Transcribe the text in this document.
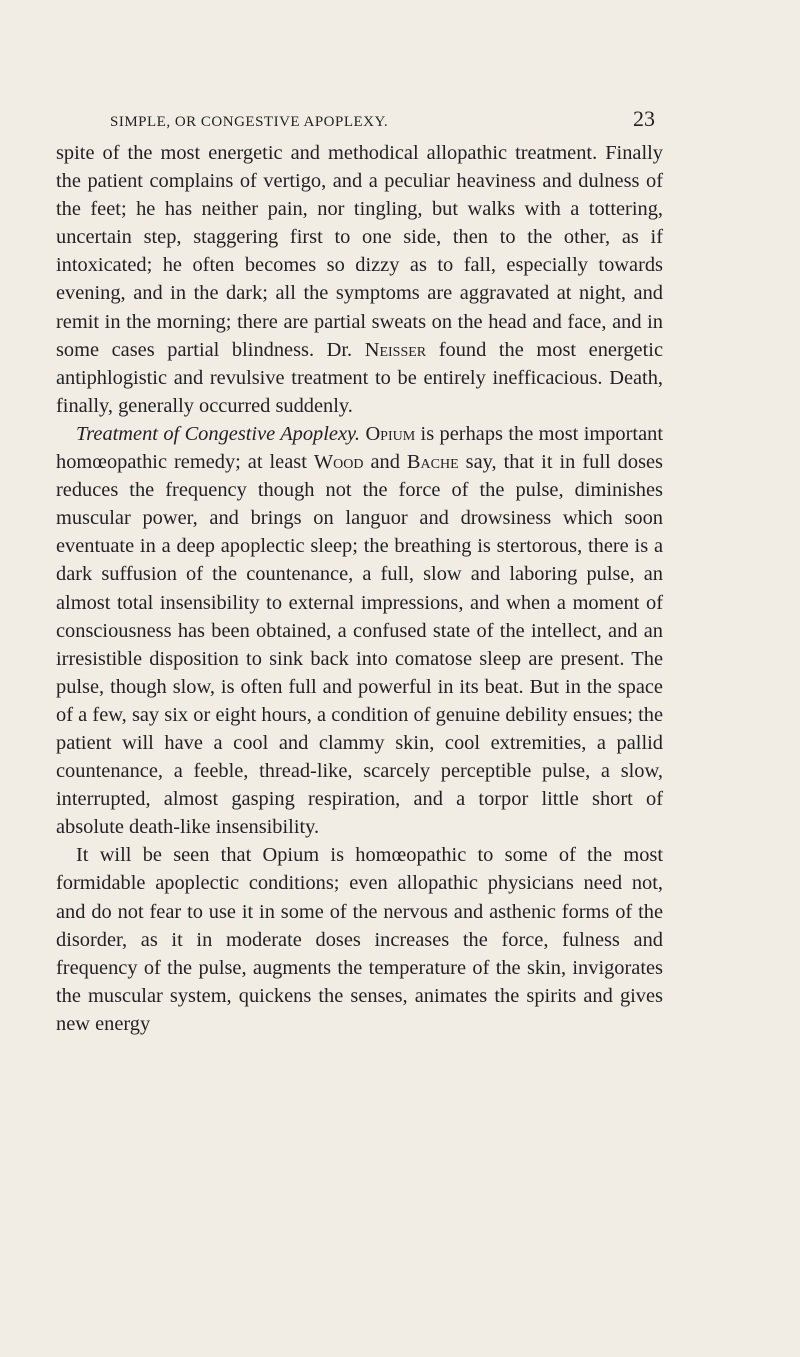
SIMPLE, OR CONGESTIVE APOPLEXY.	23

spite of the most energetic and methodical allopathic treatment. Finally the patient complains of vertigo, and a peculiar heaviness and dulness of the feet; he has neither pain, nor tingling, but walks with a tottering, uncertain step, staggering first to one side, then to the other, as if intoxicated; he often becomes so dizzy as to fall, especially towards evening, and in the dark; all the symptoms are aggravated at night, and remit in the morning; there are partial sweats on the head and face, and in some cases partial blindness. Dr. Neisser found the most energetic antiphlogistic and revulsive treatment to be entirely inefficacious. Death, finally, generally occurred suddenly.

Treatment of Congestive Apoplexy. Opium is perhaps the most important homœopathic remedy; at least Wood and Bache say, that it in full doses reduces the frequency though not the force of the pulse, diminishes muscular power, and brings on languor and drowsiness which soon eventuate in a deep apoplectic sleep; the breathing is stertorous, there is a dark suffusion of the countenance, a full, slow and laboring pulse, an almost total insensibility to external impressions, and when a moment of consciousness has been obtained, a confused state of the intellect, and an irresistible disposition to sink back into comatose sleep are present. The pulse, though slow, is often full and powerful in its beat. But in the space of a few, say six or eight hours, a condition of genuine debility ensues; the patient will have a cool and clammy skin, cool extremities, a pallid countenance, a feeble, thread-like, scarcely perceptible pulse, a slow, interrupted, almost gasping respiration, and a torpor little short of absolute death-like insensibility.

It will be seen that Opium is homœopathic to some of the most formidable apoplectic conditions; even allopathic physicians need not, and do not fear to use it in some of the nervous and asthenic forms of the disorder, as it in moderate doses increases the force, fulness and frequency of the pulse, augments the temperature of the skin, invigorates the muscular system, quickens the senses, animates the spirits and gives new energy
